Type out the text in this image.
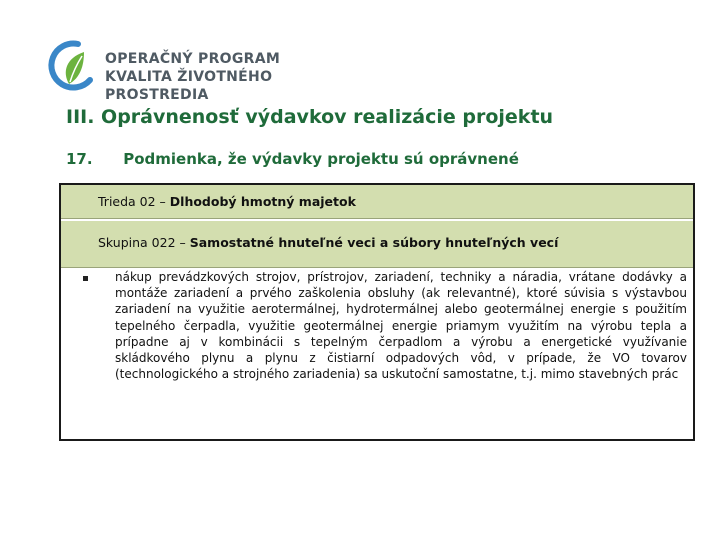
OPERAČNÝ PROGRAM
KVALITA ŽIVOTNÉHO PROSTREDIA
III. Oprávnenosť výdavkov realizácie projektu
17. Podmienka, že výdavky projektu sú oprávnené
Trieda 02 – Dlhodobý hmotný majetok
Skupina 022 – Samostatné hnuteľné veci a súbory hnuteľných vecí
nákup prevádzkových strojov, prístrojov, zariadení, techniky a náradia, vrátane dodávky a montáže zariadení a prvého zaškolenia obsluhy (ak relevantné), ktoré súvisia s výstavbou zariadení na využitie aerotermálnej, hydrotermálnej alebo geotermálnej energie s použitím tepelného čerpadla, využitie geotermálnej energie priamym využitím na výrobu tepla a prípadne aj v kombinácii s tepelným čerpadlom a výrobu a energetické využívanie skládkového plynu a plynu z čistiarní odpadových vôd, v prípade, že VO tovarov (technologického a strojného zariadenia) sa uskutoční samostatne, t.j. mimo stavebných prác
